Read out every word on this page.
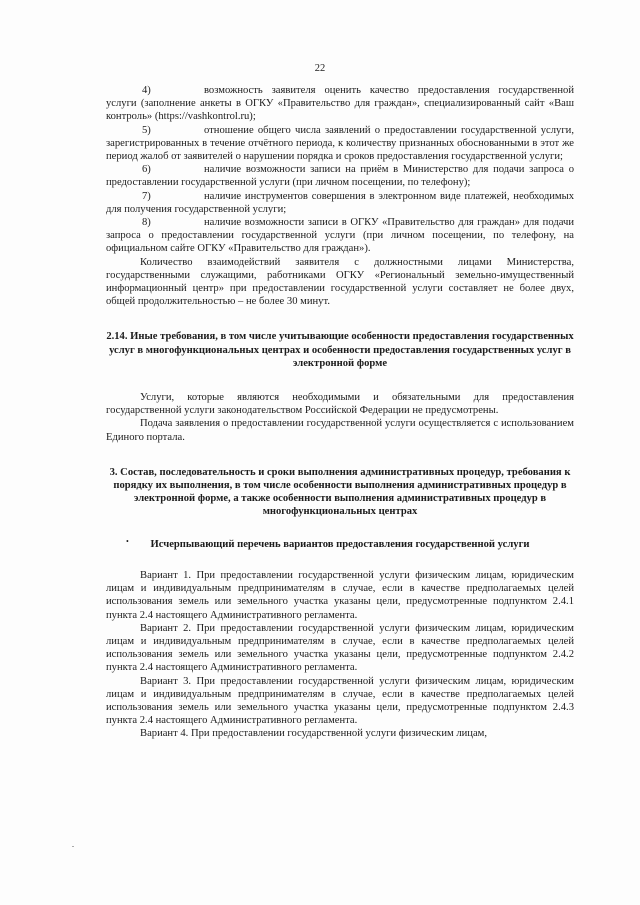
22

4)	возможность заявителя оценить качество предоставления государственной услуги (заполнение анкеты в ОГКУ «Правительство для граждан», специализированный сайт «Ваш контроль» (https://vashkontrol.ru);

5)	отношение общего числа заявлений о предоставлении государственной услуги, зарегистрированных в течение отчётного периода, к количеству признанных обоснованными в этот же период жалоб от заявителей о нарушении порядка и сроков предоставления государственной услуги;

6)	наличие возможности записи на приём в Министерство для подачи запроса о предоставлении государственной услуги (при личном посещении, по телефону);

7)	наличие инструментов совершения в электронном виде платежей, необходимых для получения государственной услуги;

8)	наличие возможности записи в ОГКУ «Правительство для граждан» для подачи запроса о предоставлении государственной услуги (при личном посещении, по телефону, на официальном сайте ОГКУ «Правительство для граждан»).

Количество взаимодействий заявителя с должностными лицами Министерства, государственными служащими, работниками ОГКУ «Региональный земельно-имущественный информационный центр» при предоставлении государственной услуги составляет не более двух, общей продолжительностью – не более 30 минут.

2.14. Иные требования, в том числе учитывающие особенности предоставления государственных услуг в многофункциональных центрах и особенности предоставления государственных услуг в электронной форме

Услуги, которые являются необходимыми и обязательными для предоставления государственной услуги законодательством Российской Федерации не предусмотрены.

Подача заявления о предоставлении государственной услуги осуществляется с использованием Единого портала.

3. Состав, последовательность и сроки выполнения административных процедур, требования к порядку их выполнения, в том числе особенности выполнения административных процедур в электронной форме, а также особенности выполнения административных процедур в многофункциональных центрах
Исчерпывающий перечень вариантов предоставления государственной услуги

Вариант 1. При предоставлении государственной услуги физическим лицам, юридическим лицам и индивидуальным предпринимателям в случае, если в качестве предполагаемых целей использования земель или земельного участка указаны цели, предусмотренные подпунктом 2.4.1 пункта 2.4 настоящего Административного регламента.

Вариант 2. При предоставлении государственной услуги физическим лицам, юридическим лицам и индивидуальным предпринимателям в случае, если в качестве предполагаемых целей использования земель или земельного участка указаны цели, предусмотренные подпунктом 2.4.2 пункта 2.4 настоящего Административного регламента.

Вариант 3. При предоставлении государственной услуги физическим лицам, юридическим лицам и индивидуальным предпринимателям в случае, если в качестве предполагаемых целей использования земель или земельного участка указаны цели, предусмотренные подпунктом 2.4.3 пункта 2.4 настоящего Административного регламента.

Вариант 4. При предоставлении государственной услуги физическим лицам,

•
